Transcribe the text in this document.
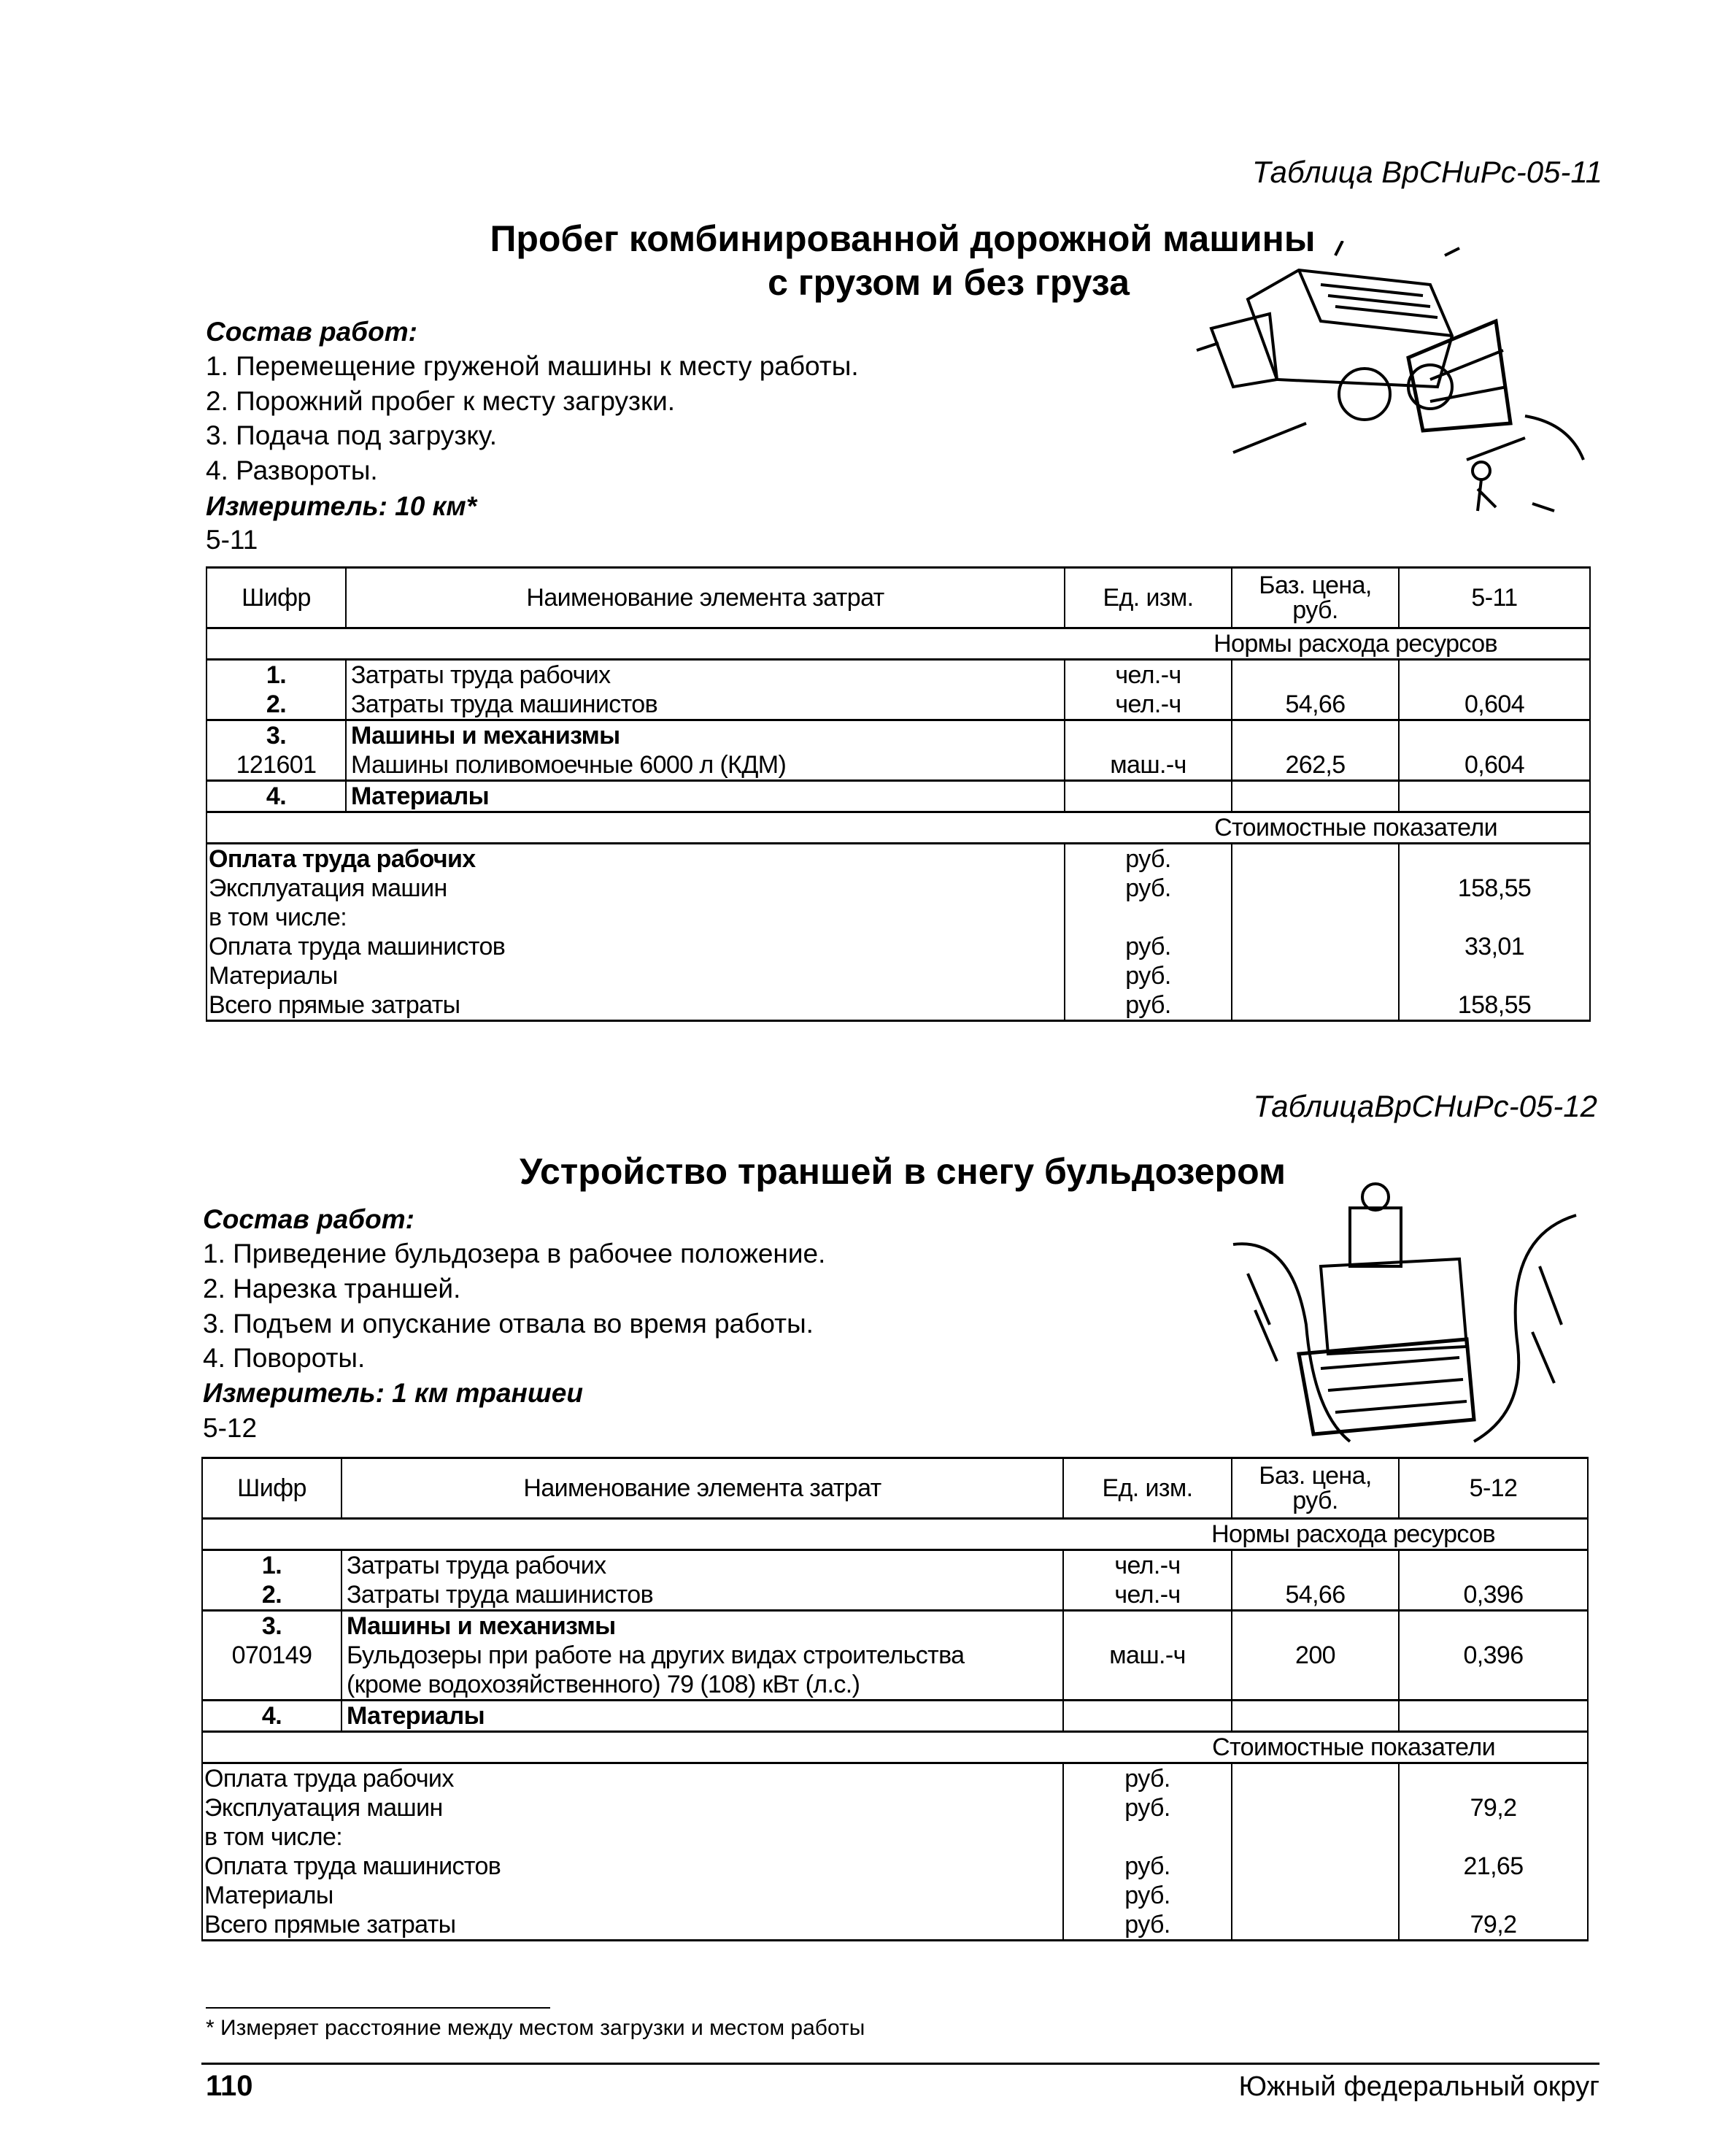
Таблица ВрСНиРс-05-11
Пробег комбинированной дорожной машины
с грузом и без груза
Состав работ:
1. Перемещение груженой машины к месту работы.
2. Порожний пробег к месту загрузки.
3. Подача под загрузку.
4. Развороты.
Измеритель: 10 км*
5-11
Шифр	Наименование элемента затрат	Ед. изм.	Баз. цена, руб.	5-11

Нормы расхода ресурсов				

1.	Затраты труда рабочих	чел.-ч		
2.	Затраты труда машинистов	чел.-ч	54,66	0,604
3.	Машины и механизмы			

121601	Машины поливомоечные 6000 л (КДМ)	маш.-ч	262,5	0,604
4.	Материалы			

Стоимостные показатели				

Оплата труда рабочих		руб.		
Эксплуатация машин		руб.		158,55
в том числе:				
Оплата труда машинистов		руб.		33,01
Материалы		руб.		
Всего прямые затраты		руб.		158,55
ТаблицаВрСНиРс-05-12
Устройство траншей в снегу бульдозером
Состав работ:
1. Приведение бульдозера в рабочее положение.
2. Нарезка траншей.
3. Подъем и опускание отвала во время работы.
4. Повороты.
Измеритель: 1 км траншеи
5-12
Шифр	Наименование элемента затрат	Ед. изм.	Баз. цена, руб.	5-12

Нормы расхода ресурсов				

1.	Затраты труда рабочих	чел.-ч		
2.	Затраты труда машинистов	чел.-ч	54,66	0,396
3.	Машины и механизмы			

070149	Бульдозеры при работе на других видах строительства
(кроме водохозяйственного) 79 (108) кВт (л.с.)	маш.-ч	200	0,396
4.	Материалы			

Стоимостные показатели				

Оплата труда рабочих		руб.		
Эксплуатация машин		руб.		79,2
в том числе:				
Оплата труда машинистов		руб.		21,65
Материалы		руб.		
Всего прямые затраты		руб.		79,2
* Измеряет расстояние между местом загрузки и местом работы
110	Южный федеральный округ
